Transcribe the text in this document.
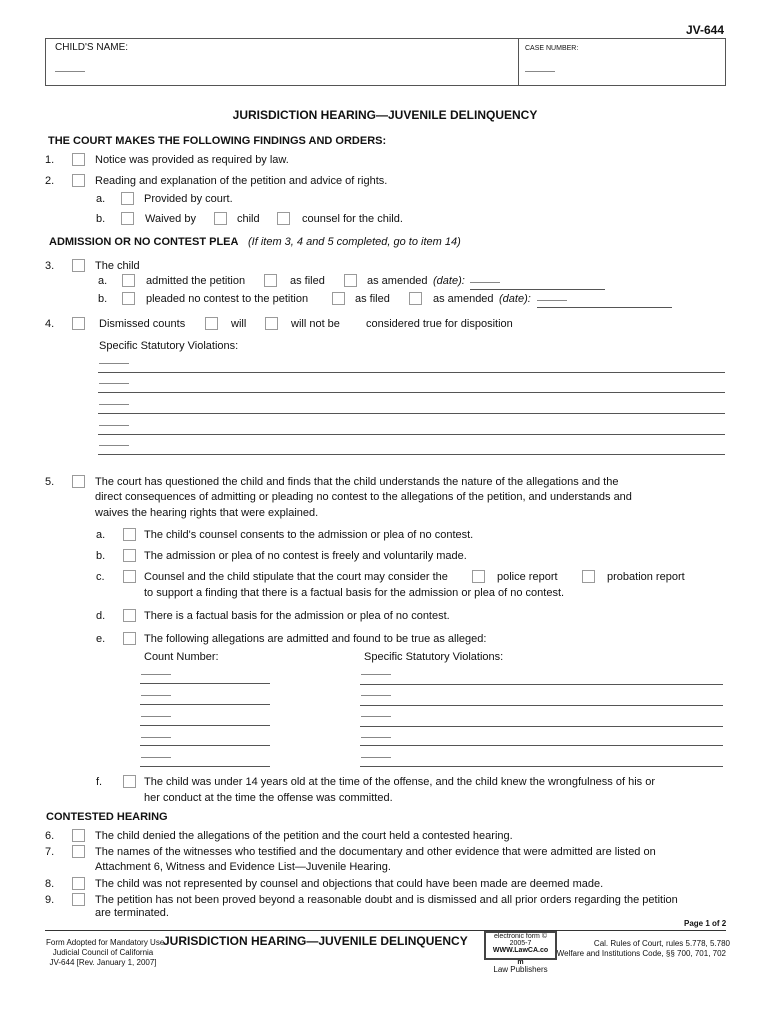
JV-644
CHILD'S NAME:	CASE NUMBER:
JURISDICTION HEARING—JUVENILE DELINQUENCY
THE COURT MAKES THE FOLLOWING FINDINGS AND ORDERS:
1.	Notice was provided as required by law.
2.	Reading and explanation of the petition and advice of rights.
a.	Provided by court.
b.	Waived by	child	counsel for the child.
ADMISSION OR NO CONTEST PLEA (If item 3, 4 and 5 completed, go to item 14)
3.	The child
a.	admitted the petition	as filed	as amended (date):
b.	pleaded no contest to the petition	as filed	as amended (date):
4.	Dismissed counts	will	will not be considered true for disposition
Specific Statutory Violations:
5.	The court has questioned the child and finds that the child understands the nature of the allegations and the
direct consequences of admitting or pleading no contest to the allegations of the petition, and understands and
waives the hearing rights that were explained.
a.	The child's counsel consents to the admission or plea of no contest.
b.	The admission or plea of no contest is freely and voluntarily made.
c.	Counsel and the child stipulate that the court may consider the	police report	probation report
to support a finding that there is a factual basis for the admission or plea of no contest.
d.	There is a factual basis for the admission or plea of no contest.
e.	The following allegations are admitted and found to be true as alleged:
Count Number:	Specific Statutory Violations:
f.	The child was under 14 years old at the time of the offense, and the child knew the wrongfulness of his or
her conduct at the time the offense was committed.
CONTESTED HEARING
6.	The child denied the allegations of the petition and the court held a contested hearing.
7.	The names of the witnesses who testified and the documentary and other evidence that were admitted are listed on
Attachment 6, Witness and Evidence List—Juvenile Hearing.
8.	The child was not represented by counsel and objections that could have been made are deemed made.
9.	The petition has not been proved beyond a reasonable doubt and is dismissed and all prior orders regarding the petition
are terminated.
Page 1 of 2
Form Adopted for Mandatory Use
Judicial Council of California
JV-644 [Rev. January 1, 2007]
JURISDICTION HEARING—JUVENILE DELINQUENCY	electronic form ©
2005-7
WWW.LawCA.co
m
Law Publishers
Cal. Rules of Court, rules 5.778, 5.780
Welfare and Institutions Code, §§ 700, 701, 702
